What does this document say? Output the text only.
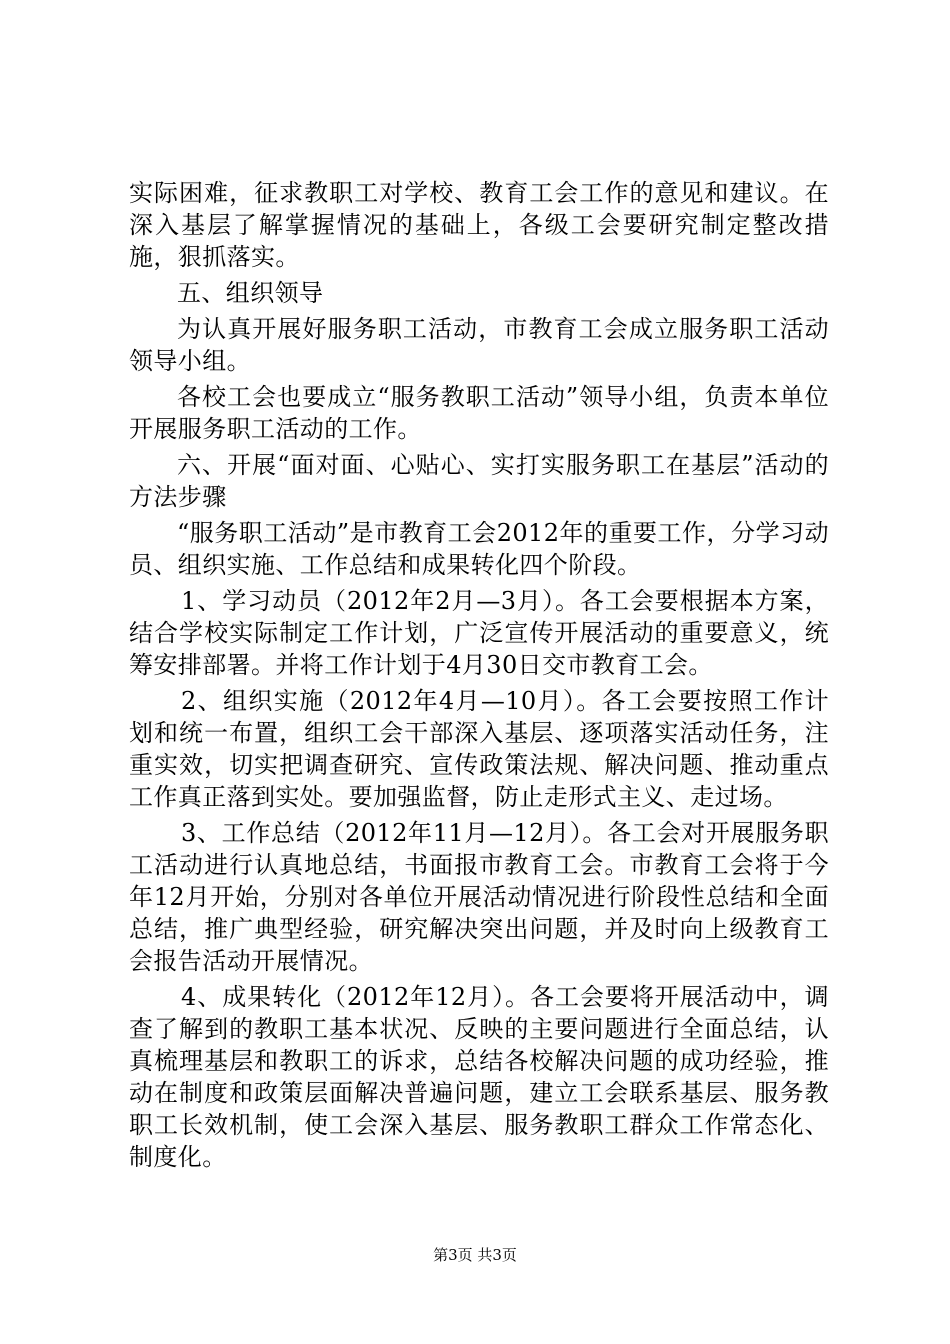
实际困难，征求教职工对学校、教育工会工作的意见和建议。在深入基层了解掌握情况的基础上，各级工会要研究制定整改措施，狠抓落实。

五、组织领导

为认真开展好服务职工活动，市教育工会成立服务职工活动领导小组。

各校工会也要成立“服务教职工活动”领导小组，负责本单位开展服务职工活动的工作。

六、开展“面对面、心贴心、实打实服务职工在基层”活动的方法步骤

“服务职工活动”是市教育工会2012年的重要工作，分学习动员、组织实施、工作总结和成果转化四个阶段。

1、学习动员（2012年2月—3月）。各工会要根据本方案，结合学校实际制定工作计划，广泛宣传开展活动的重要意义，统筹安排部署。并将工作计划于4月30日交市教育工会。

2、组织实施（2012年4月—10月）。各工会要按照工作计划和统一布置，组织工会干部深入基层、逐项落实活动任务，注重实效，切实把调查研究、宣传政策法规、解决问题、推动重点工作真正落到实处。要加强监督，防止走形式主义、走过场。

3、工作总结（2012年11月—12月）。各工会对开展服务职工活动进行认真地总结，书面报市教育工会。市教育工会将于今年12月开始，分别对各单位开展活动情况进行阶段性总结和全面总结，推广典型经验，研究解决突出问题，并及时向上级教育工会报告活动开展情况。

4、成果转化（2012年12月）。各工会要将开展活动中，调查了解到的教职工基本状况、反映的主要问题进行全面总结，认真梳理基层和教职工的诉求，总结各校解决问题的成功经验，推动在制度和政策层面解决普遍问题，建立工会联系基层、服务教职工长效机制，使工会深入基层、服务教职工群众工作常态化、制度化。

第3页 共3页
